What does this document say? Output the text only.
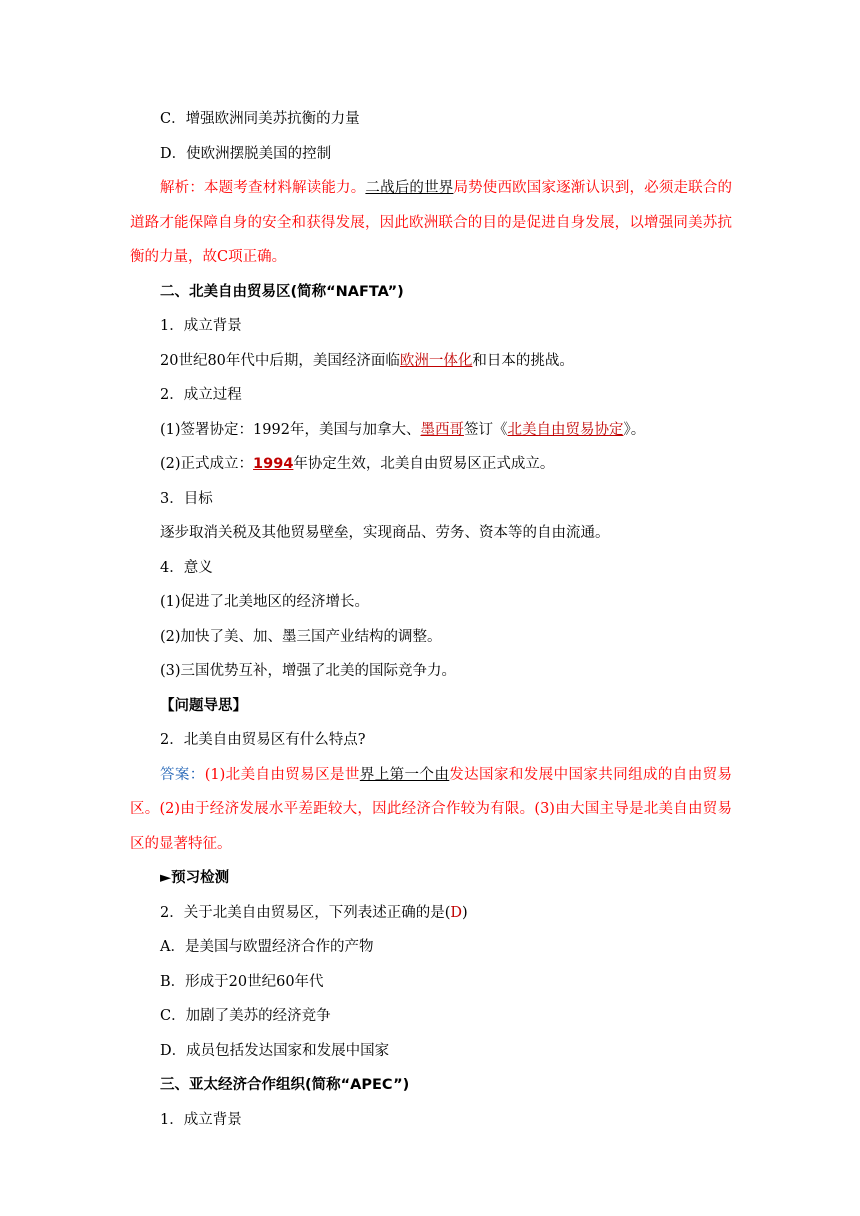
C．增强欧洲同美苏抗衡的力量
D．使欧洲摆脱美国的控制
解析：本题考查材料解读能力。二战后的世界局势使西欧国家逐渐认识到，必须走联合的道路才能保障自身的安全和获得发展，因此欧洲联合的目的是促进自身发展，以增强同美苏抗衡的力量，故C项正确。
二、北美自由贸易区(简称“NAFTA”)
1．成立背景
20世纪80年代中后期，美国经济面临欧洲一体化和日本的挑战。
2．成立过程
(1)签署协定：1992年，美国与加拿大、墨西哥签订《北美自由贸易协定》。
(2)正式成立：1994年协定生效，北美自由贸易区正式成立。
3．目标
逐步取消关税及其他贸易壁垒，实现商品、劳务、资本等的自由流通。
4．意义
(1)促进了北美地区的经济增长。
(2)加快了美、加、墨三国产业结构的调整。
(3)三国优势互补，增强了北美的国际竞争力。
【问题导思】
2．北美自由贸易区有什么特点?
答案：(1)北美自由贸易区是世界上第一个由发达国家和发展中国家共同组成的自由贸易区。(2)由于经济发展水平差距较大，因此经济合作较为有限。(3)由大国主导是北美自由贸易区的显著特征。
►预习检测
2．关于北美自由贸易区，下列表述正确的是(D)
A．是美国与欧盟经济合作的产物
B．形成于20世纪60年代
C．加剧了美苏的经济竞争
D．成员包括发达国家和发展中国家
三、亚太经济合作组织(简称“APEC”)
1．成立背景
